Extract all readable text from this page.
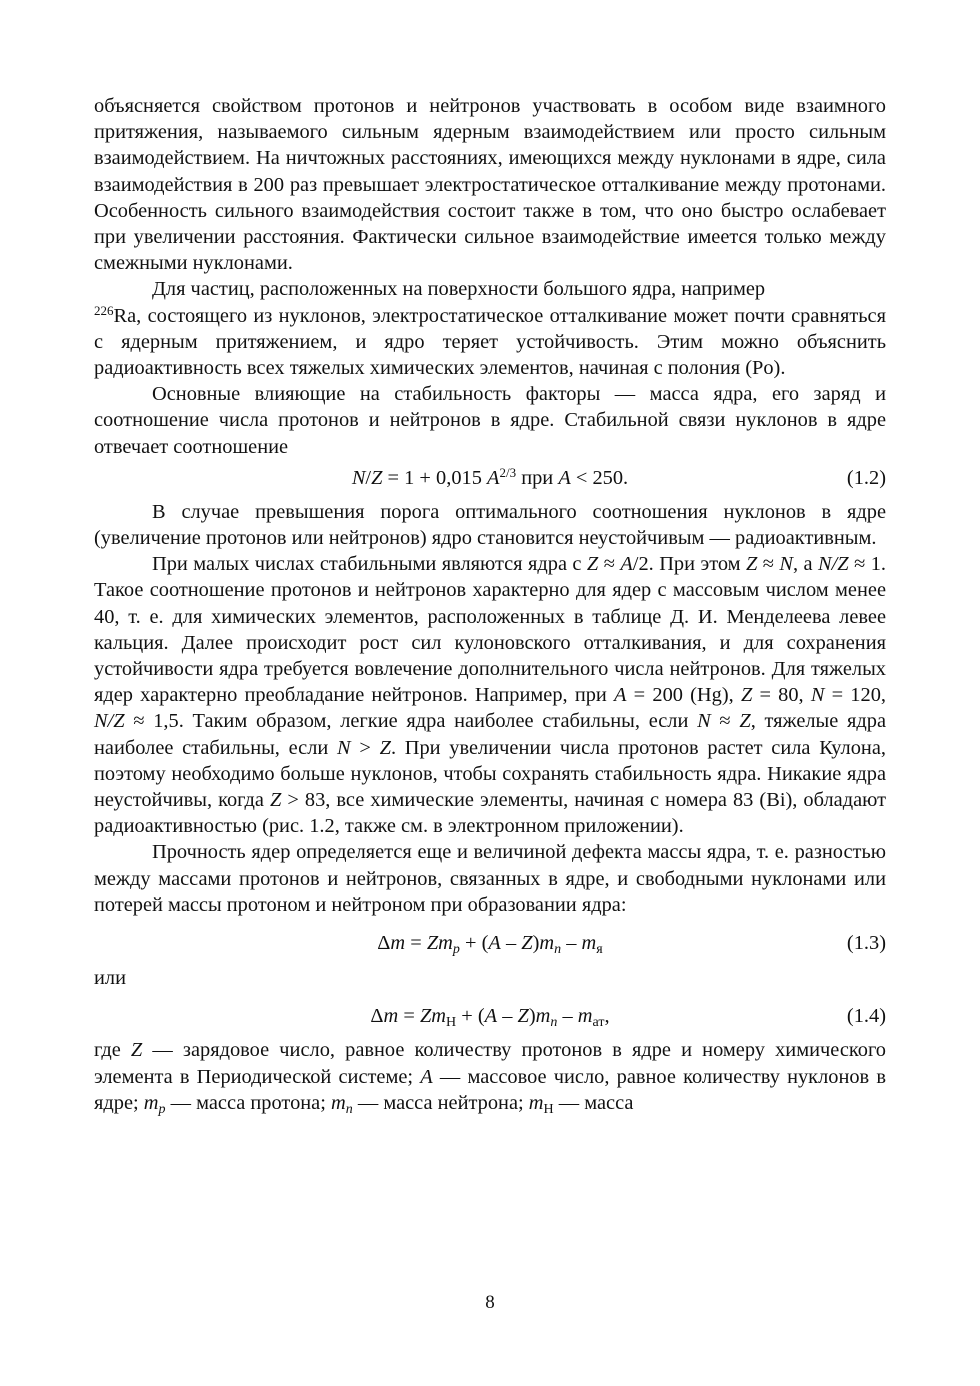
объясняется свойством протонов и нейтронов участвовать в особом виде взаимного притяжения, называемого сильным ядерным взаимодействием или просто сильным взаимодействием. На ничтожных расстояниях, имеющихся между нуклонами в ядре, сила взаимодействия в 200 раз превышает электростатическое отталкивание между протонами. Особенность сильного взаимодействия состоит также в том, что оно быстро ослабевает при увеличении расстояния. Фактически сильное взаимодействие имеется только между смежными нуклонами.

Для частиц, расположенных на поверхности большого ядра, например
$^{226}$Ra, состоящего из нуклонов, электростатическое отталкивание может почти сравняться с ядерным притяжением, и ядро теряет устойчивость. Этим можно объяснить радиоактивность всех тяжелых химических элементов, начиная с полония (Po).

Основные влияющие на стабильность факторы — масса ядра, его заряд и соотношение числа протонов и нейтронов в ядре. Стабильной связи нуклонов в ядре отвечает соотношение

N/Z = 1 + 0,015 $A^{2/3}$ при A < 250.	(1.2)

В случае превышения порога оптимального соотношения нуклонов в ядре (увеличение протонов или нейтронов) ядро становится неустойчивым — радиоактивным.

При малых числах стабильными являются ядра с Z ≈ A/2. При этом Z ≈ N, а N/Z ≈ 1. Такое соотношение протонов и нейтронов характерно для ядер с массовым числом менее 40, т. е. для химических элементов, расположенных в таблице Д. И. Менделеева левее кальция. Далее происходит рост сил кулоновского отталкивания, и для сохранения устойчивости ядра требуется вовлечение дополнительного числа нейтронов. Для тяжелых ядер характерно преобладание нейтронов. Например, при A = 200 (Hg), Z = 80, N = 120, N/Z ≈ 1,5. Таким образом, легкие ядра наиболее стабильны, если N ≈ Z, тяжелые ядра наиболее стабильны, если N > Z. При увеличении числа протонов растет сила Кулона, поэтому необходимо больше нуклонов, чтобы сохранять стабильность ядра. Никакие ядра неустойчивы, когда Z > 83, все химические элементы, начиная с номера 83 (Bi), обладают радиоактивностью (рис. 1.2, также см. в электронном приложении).

Прочность ядер определяется еще и величиной дефекта массы ядра, т. е. разностью между массами протонов и нейтронов, связанных в ядре, и свободными нуклонами или потерей массы протоном и нейтроном при образовании ядра:

$\Delta m = Zm_p + (A - Z)m_n - m_я$	(1.3)

или

$\Delta m = Zm_H + (A - Z)m_n - m_{ат}$,	(1.4)

где Z — зарядовое число, равное количеству протонов в ядре и номеру химического элемента в Периодической системе; A — массовое число, равное количеству нуклонов в ядре; $m_p$ — масса протона; $m_n$ — масса нейтрона; $m_H$ — масса

8
